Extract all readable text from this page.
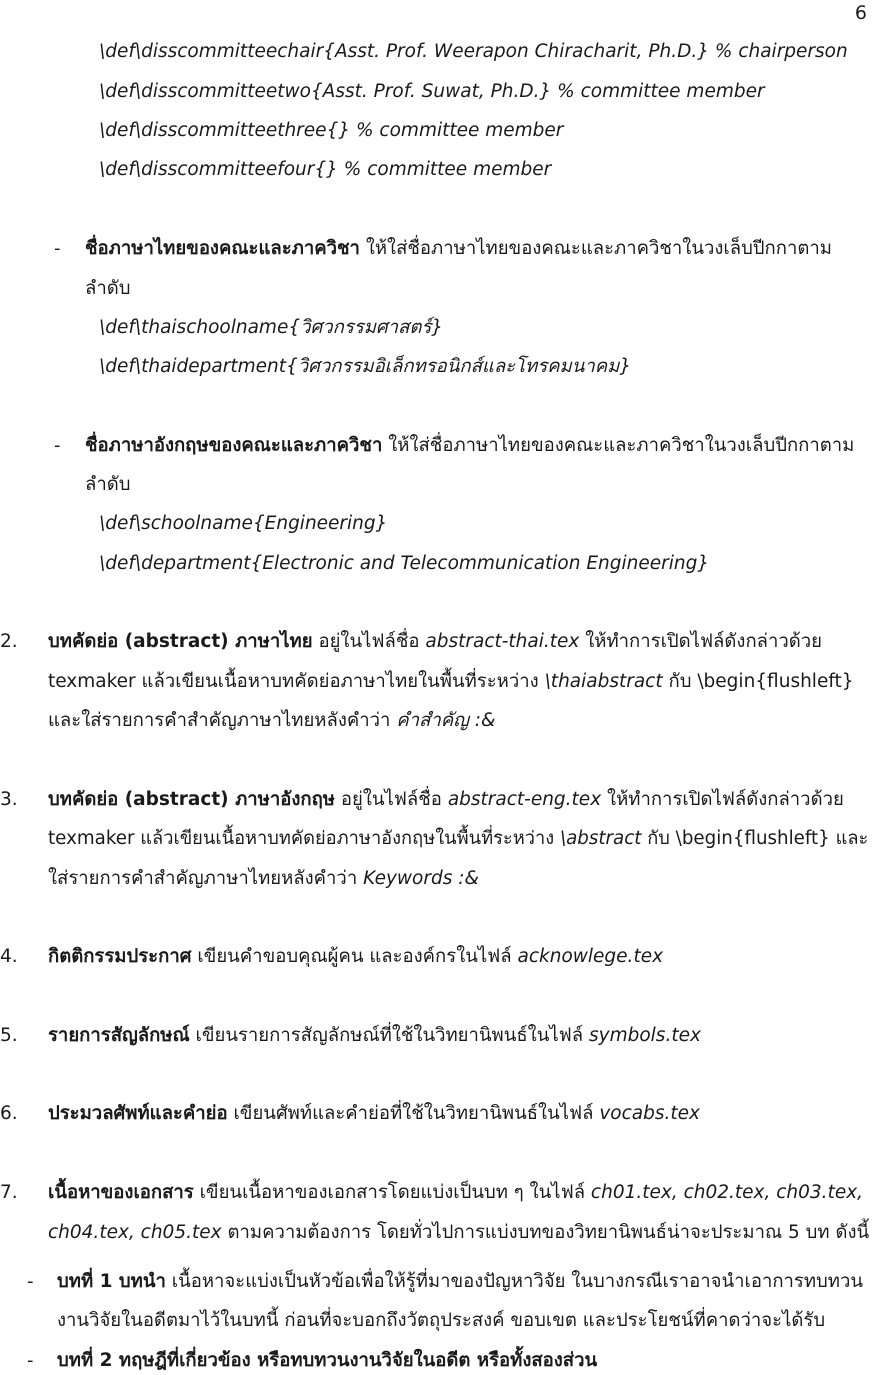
6
\def\disscommitteechair{Asst. Prof. Weerapon Chiracharit, Ph.D.} % chairperson
\def\disscommitteetwo{Asst. Prof. Suwat, Ph.D.} % committee member
\def\disscommitteethree{} % committee member
\def\disscommitteefour{} % committee member
- ชื่อภาษาไทยของคณะและภาควิชา ให้ใส่ชื่อภาษาไทยของคณะและภาควิชาในวงเล็บปีกกาตาม
ลำดับ
\def\thaischoolname{วิศวกรรมศาสตร์}
\def\thaidepartment{วิศวกรรมอิเล็กทรอนิกส์และโทรคมนาคม}
- ชื่อภาษาอังกฤษของคณะและภาควิชา ให้ใส่ชื่อภาษาไทยของคณะและภาควิชาในวงเล็บปีกกาตาม
ลำดับ
\def\schoolname{Engineering}
\def\department{Electronic and Telecommunication Engineering}
2. บทคัดย่อ (abstract) ภาษาไทย อยู่ในไฟล์ชื่อ abstract-thai.tex ให้ทำการเปิดไฟล์ดังกล่าวด้วย
texmaker แล้วเขียนเนื้อหาบทคัดย่อภาษาไทยในพื้นที่ระหว่าง \thaiabstract กับ \begin{flushleft}
และใส่รายการคำสำคัญภาษาไทยหลังคำว่า คำสำคัญ :&
3. บทคัดย่อ (abstract) ภาษาอังกฤษ อยู่ในไฟล์ชื่อ abstract-eng.tex ให้ทำการเปิดไฟล์ดังกล่าวด้วย
texmaker แล้วเขียนเนื้อหาบทคัดย่อภาษาอังกฤษในพื้นที่ระหว่าง \abstract กับ \begin{flushleft} และ
ใส่รายการคำสำคัญภาษาไทยหลังคำว่า Keywords :&
4. กิตติกรรมประกาศ เขียนคำขอบคุณผู้คน และองค์กรในไฟล์ acknowlege.tex
5. รายการสัญลักษณ์ เขียนรายการสัญลักษณ์ที่ใช้ในวิทยานิพนธ์ในไฟล์ symbols.tex
6. ประมวลศัพท์และคำย่อ เขียนศัพท์และคำย่อที่ใช้ในวิทยานิพนธ์ในไฟล์ vocabs.tex
7. เนื้อหาของเอกสาร เขียนเนื้อหาของเอกสารโดยแบ่งเป็นบท ๆ ในไฟล์ ch01.tex, ch02.tex, ch03.tex,
ch04.tex, ch05.tex ตามความต้องการ โดยทั่วไปการแบ่งบทของวิทยานิพนธ์น่าจะประมาณ 5 บท ดังนี้
- บทที่ 1 บทนำ เนื้อหาจะแบ่งเป็นหัวข้อเพื่อให้รู้ที่มาของปัญหาวิจัย ในบางกรณีเราอาจนำเอาการทบทวน
งานวิจัยในอดีตมาไว้ในบทนี้ ก่อนที่จะบอกถึงวัตถุประสงค์ ขอบเขต และประโยชน์ที่คาดว่าจะได้รับ
- บทที่ 2 ทฤษฎีที่เกี่ยวข้อง หรือทบทวนงานวิจัยในอดีต หรือทั้งสองส่วน
